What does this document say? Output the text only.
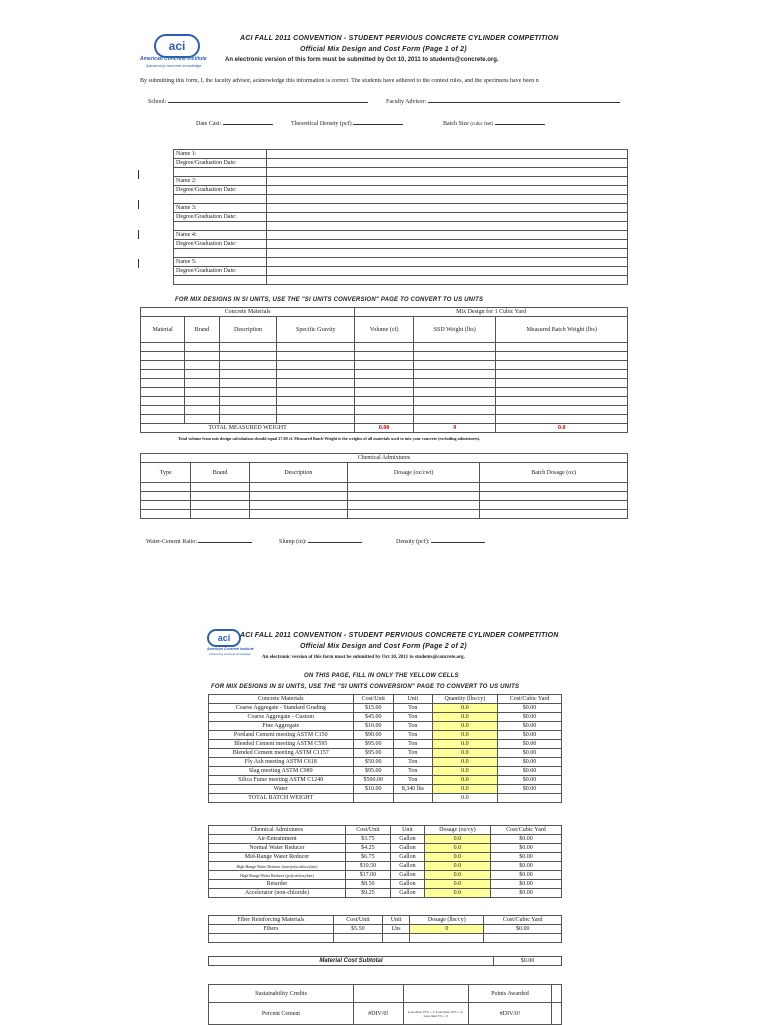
aci
American Concrete Institute
Advancing concrete knowledge
ACI FALL 2011 CONVENTION - STUDENT PERVIOUS CONCRETE CYLINDER COMPETITION
Official Mix Design and Cost Form (Page 1 of 2)
An electronic version of this form must be submitted by Oct 10, 2011 to students@concrete.org.
By submitting this form, I, the faculty advisor, acknowledge this information is correct. The students have adhered to the contest rules, and the specimens have been n
School:	Faculty Advisor:
Date Cast:	Theoretical Density (pcf)	Batch Size (cubic feet)
Name 1:	
Degree/Graduation Date:	

Name 2:	
Degree/Graduation Date:	

Name 3:	
Degree/Graduation Date:	

Name 4:	
Degree/Graduation Date:	

Name 5:	
Degree/Graduation Date:	

FOR MIX DESIGNS IN SI UNITS, USE THE "SI UNITS CONVERSION" PAGE TO CONVERT TO US UNITS
Concrete Materials				Mix Design for 1 Cubic Yard		
Material	Brand	Description	Specific Gravity	Volume (cf)	SSD Weight (lbs)	Measured Batch Weight (lbs)

TOTAL MEASURED WEIGHT				0.00	0	0.0
Total volume from mix design calculations should equal 27.00 cf. Measured Batch Weight is the weights of all materials used to mix your concrete (excluding admixtures).
Chemical Admixtures				
Type	Brand	Description	Dosage (oz/cwt)	Batch Dosage (oz)

Water-Cement Ratio:	Slump (in):	Density (pcf):
aci
American Concrete Institute
Advancing concrete knowledge
ACI FALL 2011 CONVENTION - STUDENT PERVIOUS CONCRETE CYLINDER COMPETITION
Official Mix Design and Cost Form (Page 2 of 2)
An electronic version of this form must be submitted by Oct 10, 2011 to students@concrete.org.
ON THIS PAGE, FILL IN ONLY THE YELLOW CELLS
FOR MIX DESIGNS IN SI UNITS, USE THE "SI UNITS CONVERSION" PAGE TO CONVERT TO US UNITS
Concrete Materials	Cost/Unit	Unit	Quantity (lbs/cy)	Cost/Cubic Yard
Coarse Aggregate - Standard Grading	$15.00	Ton	0.0	$0.00
Coarse Aggregate - Custom	$45.00	Ton	0.0	$0.00
Fine Aggregate	$10.00	Ton	0.0	$0.00
Portland Cement meeting ASTM C150	$90.00	Ton	0.0	$0.00
Blended Cement meeting ASTM C595	$95.00	Ton	0.0	$0.00
Blended Cement meeting ASTM C1157	$95.00	Ton	0.0	$0.00
Fly Ash meeting ASTM C618	$50.00	Ton	0.0	$0.00
Slag meeting ASTM C989	$95.00	Ton	0.0	$0.00
Silica Fume meeting ASTM C1240	$500.00	Ton	0.0	$0.00
Water	$10.00	8,340 lbs	0.0	$0.00
TOTAL BATCH WEIGHT			0.0	
Chemical Admixtures	Cost/Unit	Unit	Dosage (oz/cy)	Cost/Cubic Yard
Air-Entrainment	$3.75	Gallon	0.0	$0.00
Normal Water Reducer	$4.25	Gallon	0.0	$0.00
Mid-Range Water Reducer	$6.75	Gallon	0.0	$0.00
High-Range Water Reducer (non-polycarboxylate)	$10.50	Gallon	0.0	$0.00
High-Range Water Reducer (polycarboxylate)	$17.00	Gallon	0.0	$0.00
Retarder	$8.50	Gallon	0.0	$0.00
Accelerator (non-chloride)	$9.25	Gallon	0.0	$0.00
Fiber Reinforcing Materials	Cost/Unit	Unit	Dosage (lbs/cy)	Cost/Cubic Yard
Fibers	$5.50	Lbs	0	$0.00

Material Cost Subtotal	$0.00
Sustainability Credits			Points Awarded	
Percent Cement	#DIV/0!	Less than 15% = 1; Less than 10% = 2; Less than 5% = 3	#DIV/0!	
